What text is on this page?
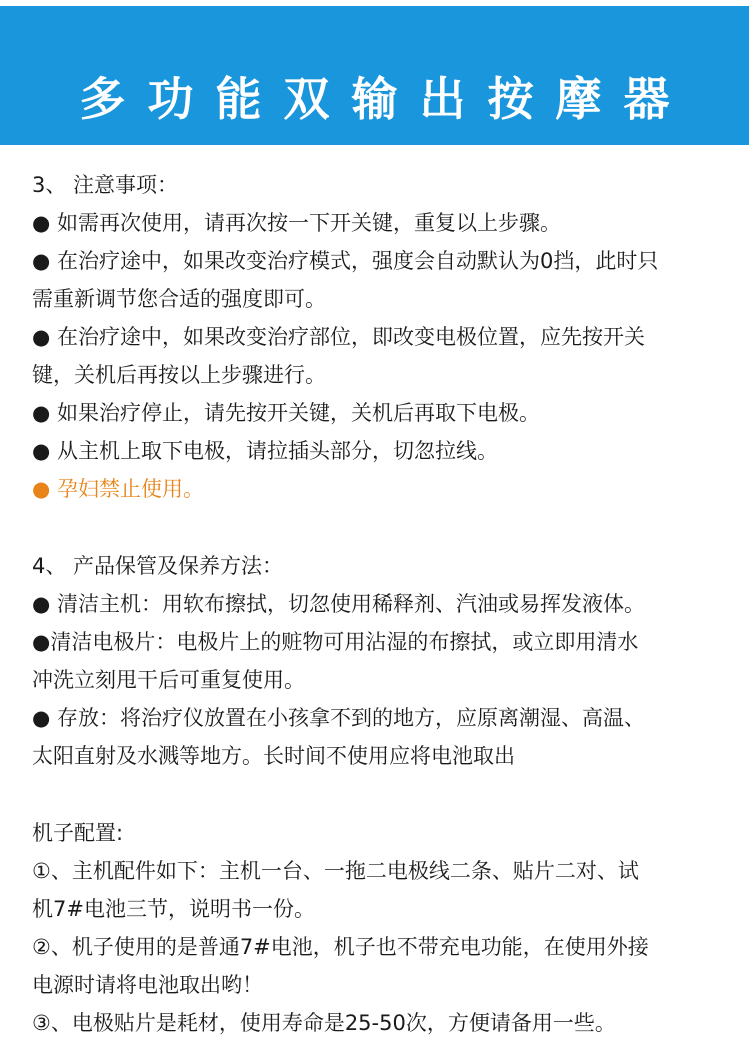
多功能双输出按摩器
3、 注意事项：
● 如需再次使用，请再次按一下开关键，重复以上步骤。
● 在治疗途中，如果改变治疗模式，强度会自动默认为0挡，此时只
需重新调节您合适的强度即可。
● 在治疗途中，如果改变治疗部位，即改变电极位置，应先按开关
键，关机后再按以上步骤进行。
● 如果治疗停止，请先按开关键，关机后再取下电极。
● 从主机上取下电极，请拉插头部分，切忽拉线。
● 孕妇禁止使用。
4、 产品保管及保养方法：
● 清洁主机：用软布擦拭，切忽使用稀释剂、汽油或易挥发液体。
●清洁电极片：电极片上的赃物可用沾湿的布擦拭，或立即用清水
冲洗立刻甩干后可重复使用。
● 存放：将治疗仪放置在小孩拿不到的地方，应原离潮湿、高温、
太阳直射及水溅等地方。长时间不使用应将电池取出
机子配置:
①、主机配件如下：主机一台、一拖二电极线二条、贴片二对、试
机7#电池三节，说明书一份。
②、机子使用的是普通7#电池，机子也不带充电功能，在使用外接
电源时请将电池取出哟！
③、电极贴片是耗材，使用寿命是25-50次，方便请备用一些。
